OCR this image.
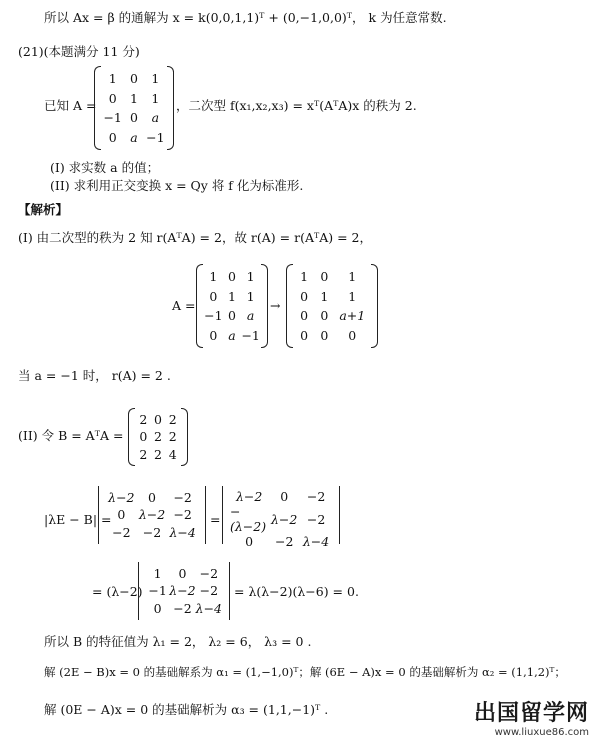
所以 Ax = β 的通解为 x = k(0,0,1,1)ᵀ + (0,−1,0,0)ᵀ， k 为任意常数.
(21)(本题满分 11 分)
已知 A =
1	0	1
0	1	1
−1 0	a
0	a −1
，二次型 f(x₁,x₂,x₃) = xᵀ(AᵀA)x 的秩为 2.
(I) 求实数 a 的值；
(II) 求利用正交变换 x = Qy 将 f 化为标准形.
【解析】
(I) 由二次型的秩为 2 知 r(AᵀA) = 2，故 r(A) = r(AᵀA) = 2，
A =
1 0 1
0 1 1
−1 0 a
0 a −1
→
1 0	1
0 1	1
0 0 a+1
0 0	0
当 a = −1 时， r(A) = 2 .
(II) 令 B = AᵀA =
2 0 2
0 2 2
2 2 4
|λE − B| =
λ−2	0	−2
0	λ−2 −2
−2 −2 λ−4
=
λ−2	0	−2
−(λ−2) λ−2 −2
0	−2 λ−4
= (λ−2)
1	0	−2
−1 λ−2 −2
0 −2 λ−4
= λ(λ−2)(λ−6) = 0.
所以 B 的特征值为 λ₁ = 2， λ₂ = 6， λ₃ = 0 .
解 (2E − B)x = 0 的基础解系为 α₁ = (1,−1,0)ᵀ；解 (6E − A)x = 0 的基础解析为 α₂ = (1,1,2)ᵀ；
解 (0E − A)x = 0 的基础解析为 α₃ = (1,1,−1)ᵀ .	出国留学网
www.liuxue86.com
